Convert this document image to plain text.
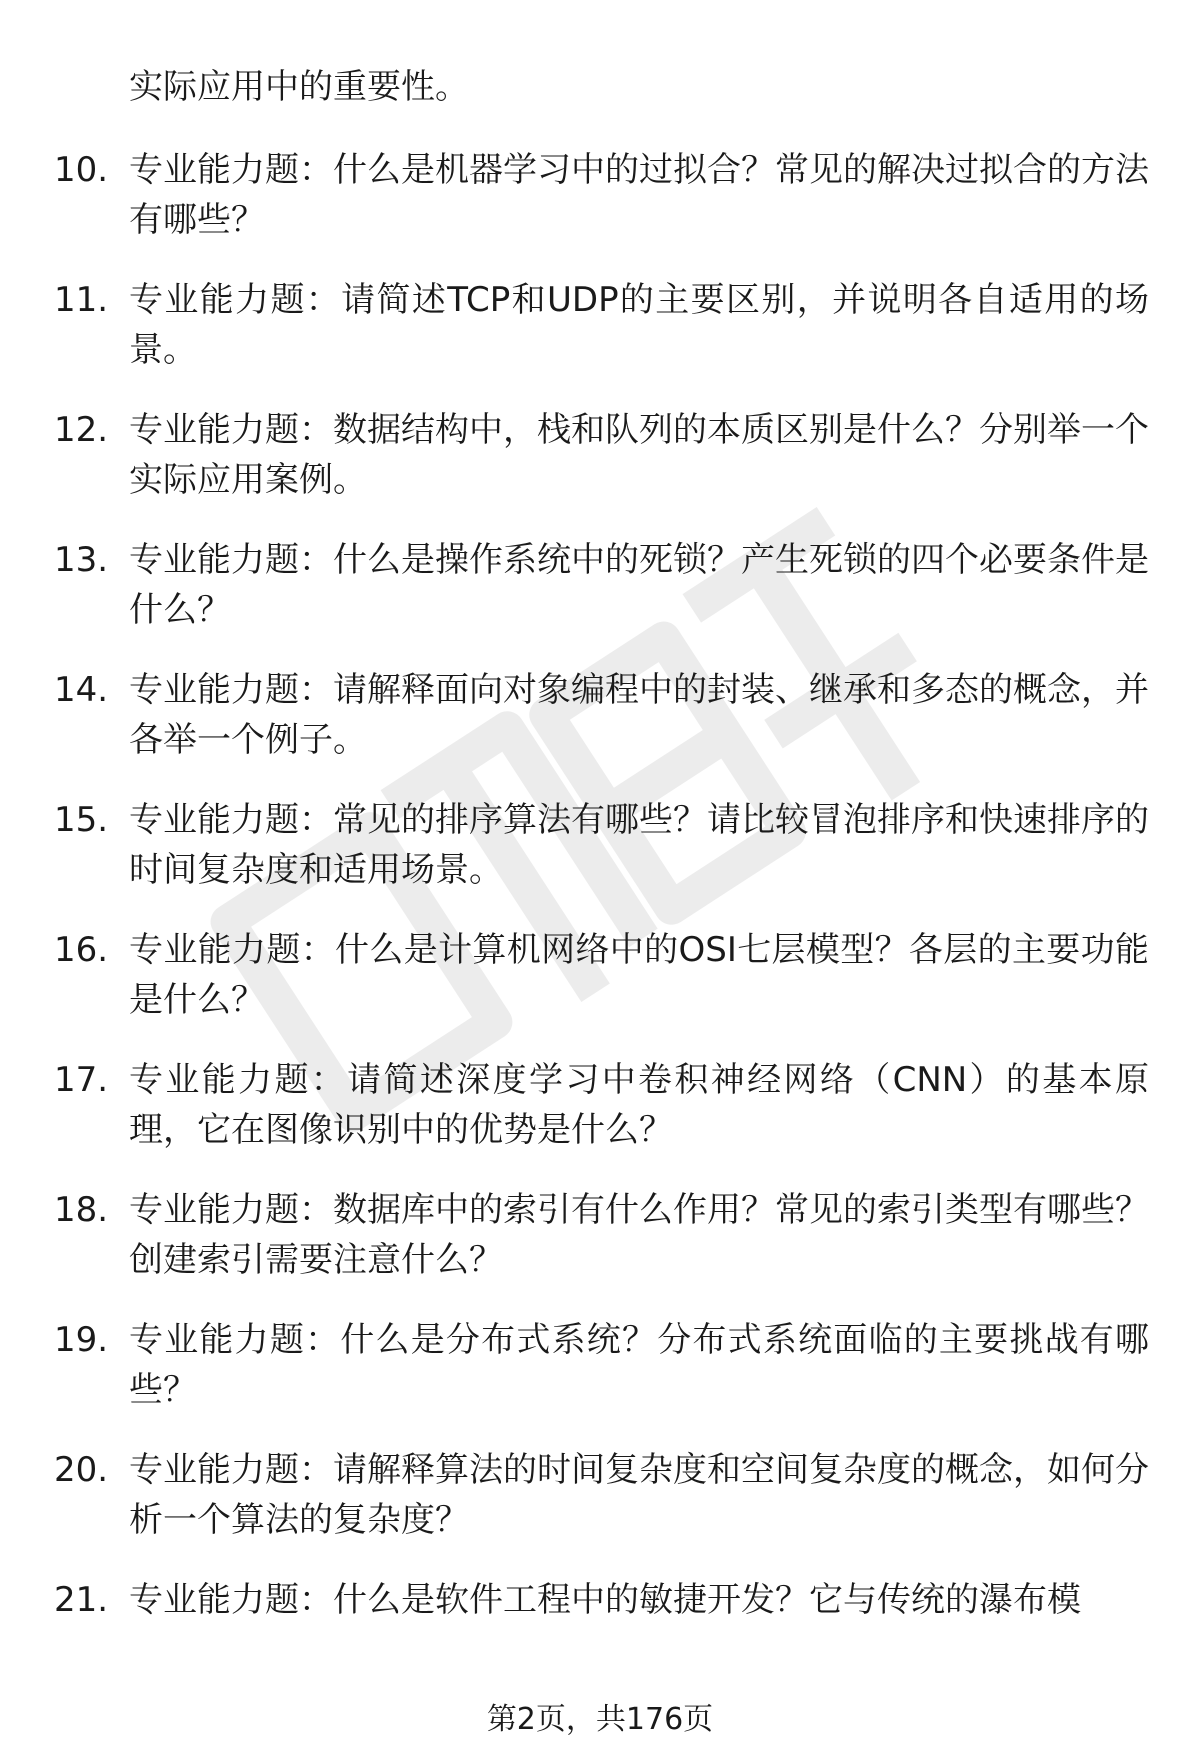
实际应用中的重要性。
10. 专业能力题：什么是机器学习中的过拟合？常见的解决过拟合的方法有哪些？
11. 专业能力题：请简述TCP和UDP的主要区别，并说明各自适用的场景。
12. 专业能力题：数据结构中，栈和队列的本质区别是什么？分别举一个实际应用案例。
13. 专业能力题：什么是操作系统中的死锁？产生死锁的四个必要条件是什么？
14. 专业能力题：请解释面向对象编程中的封装、继承和多态的概念，并各举一个例子。
15. 专业能力题：常见的排序算法有哪些？请比较冒泡排序和快速排序的时间复杂度和适用场景。
16. 专业能力题：什么是计算机网络中的OSI七层模型？各层的主要功能是什么？
17. 专业能力题：请简述深度学习中卷积神经网络（CNN）的基本原理，它在图像识别中的优势是什么？
18. 专业能力题：数据库中的索引有什么作用？常见的索引类型有哪些？创建索引需要注意什么？
19. 专业能力题：什么是分布式系统？分布式系统面临的主要挑战有哪些？
20. 专业能力题：请解释算法的时间复杂度和空间复杂度的概念，如何分析一个算法的复杂度？
21. 专业能力题：什么是软件工程中的敏捷开发？它与传统的瀑布模
第2页，共176页
